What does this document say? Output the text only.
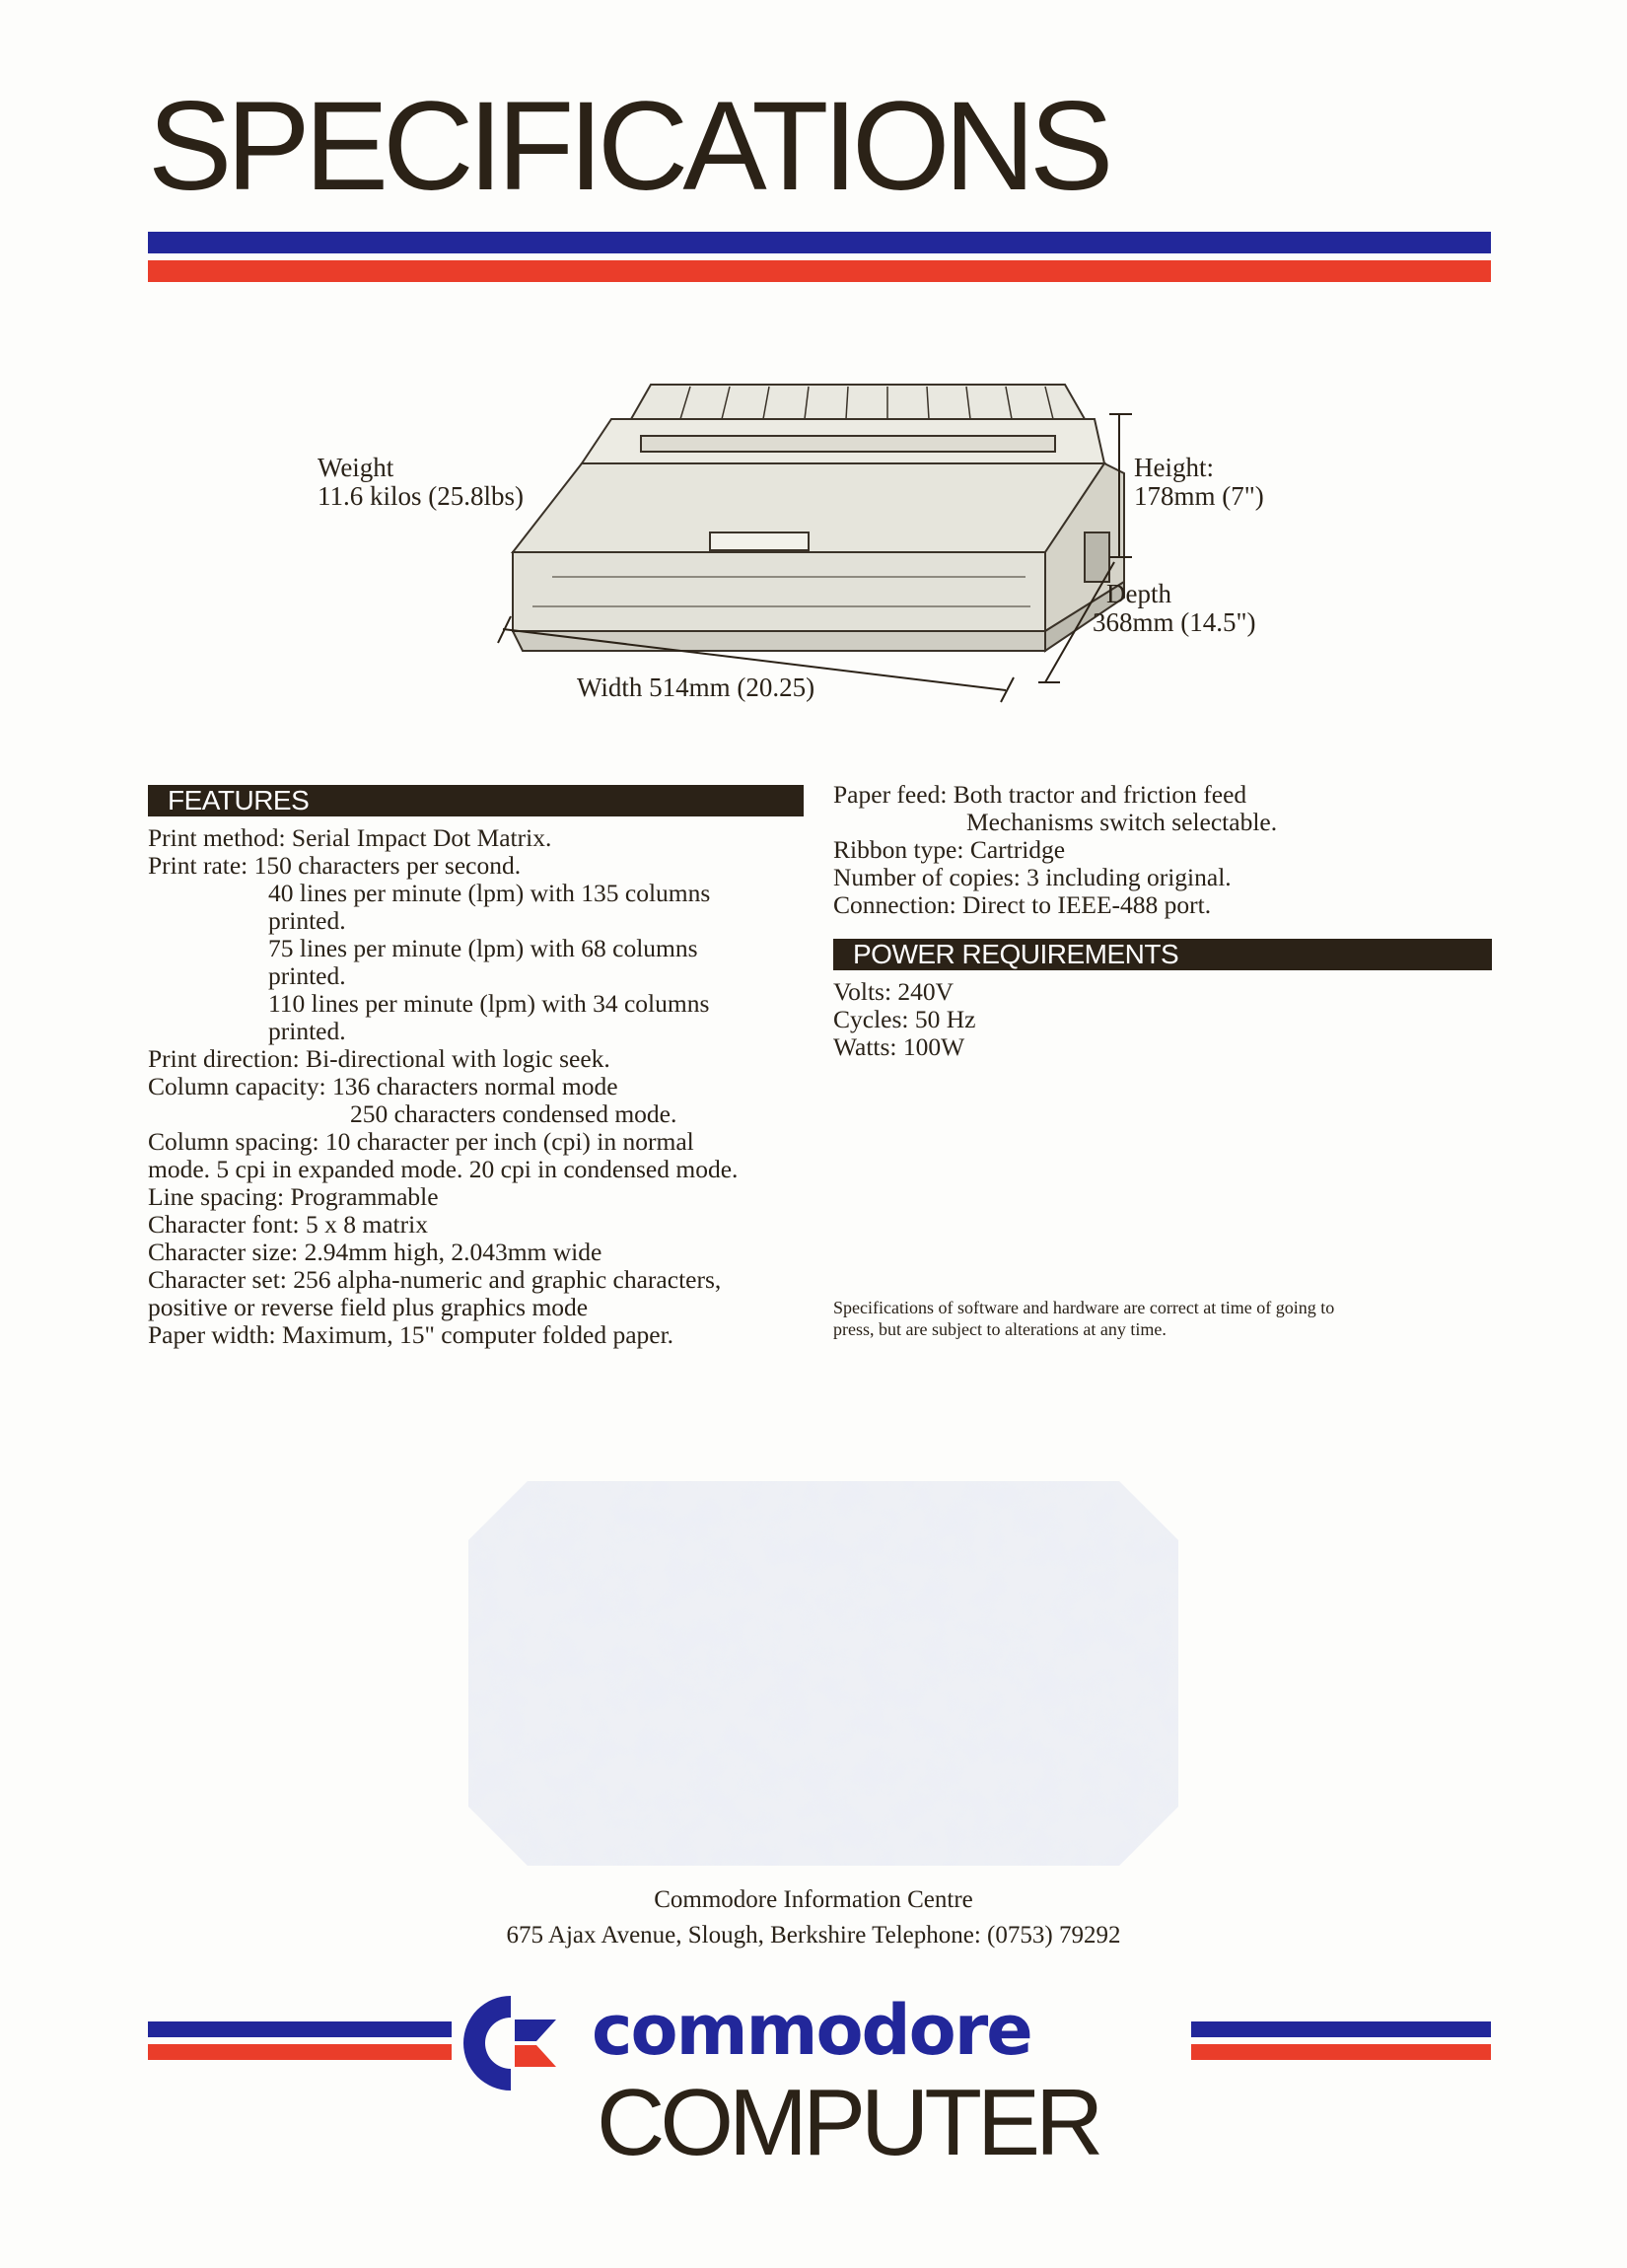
SPECIFICATIONS
Weight
11.6 kilos (25.8lbs)
Height:
178mm (7")
Depth
368mm (14.5")
Width 514mm (20.25)
FEATURES
Print method: Serial Impact Dot Matrix.
Print rate: 150 characters per second.
40 lines per minute (lpm) with 135 columns
printed.
75 lines per minute (lpm) with 68 columns
printed.
110 lines per minute (lpm) with 34 columns
printed.
Print direction: Bi-directional with logic seek.
Column capacity: 136 characters normal mode
250 characters condensed mode.
Column spacing: 10 character per inch (cpi) in normal
mode. 5 cpi in expanded mode. 20 cpi in condensed mode.
Line spacing: Programmable
Character font: 5 x 8 matrix
Character size: 2.94mm high, 2.043mm wide
Character set: 256 alpha-numeric and graphic characters,
positive or reverse field plus graphics mode
Paper width: Maximum, 15" computer folded paper.
Paper feed: Both tractor and friction feed
Mechanisms switch selectable.
Ribbon type: Cartridge
Number of copies: 3 including original.
Connection: Direct to IEEE-488 port.
POWER REQUIREMENTS
Volts: 240V
Cycles: 50 Hz
Watts: 100W
Specifications of software and hardware are correct at time of going to
press, but are subject to alterations at any time.
Commodore Information Centre
675 Ajax Avenue, Slough, Berkshire Telephone: (0753) 79292
commodore
COMPUTER
